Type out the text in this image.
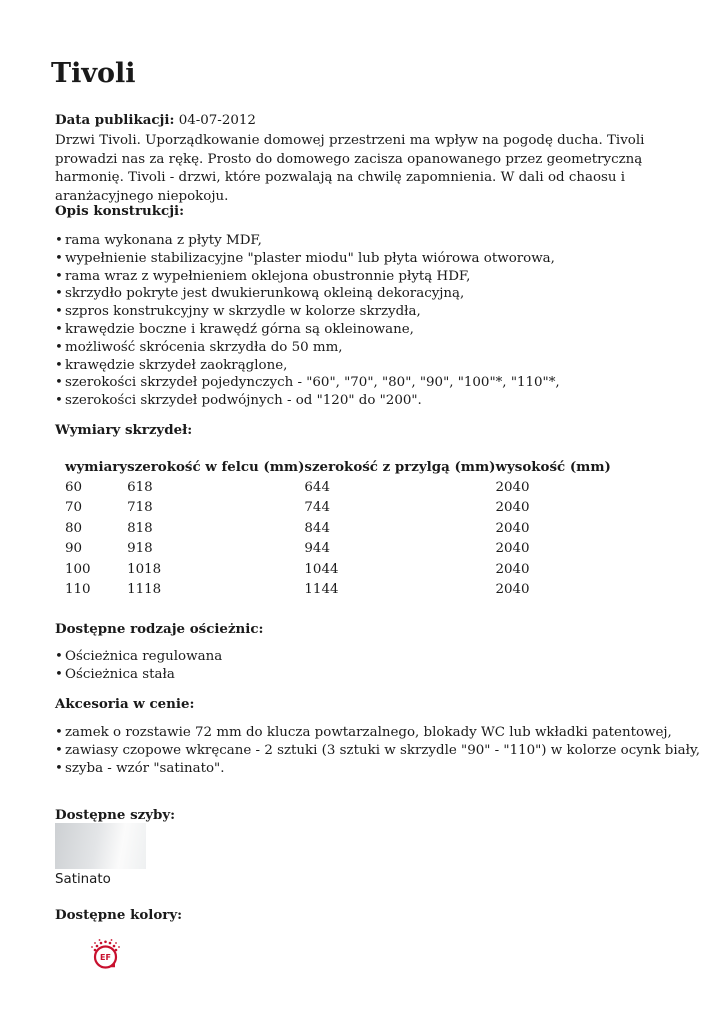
Tivoli
Data publikacji: 04-07-2012
Drzwi Tivoli. Uporządkowanie domowej przestrzeni ma wpływ na pogodę ducha. Tivoli prowadzi nas za rękę. Prosto do domowego zacisza opanowanego przez geometryczną harmonię. Tivoli - drzwi, które pozwalają na chwilę zapomnienia. W dali od chaosu i aranżacyjnego niepokoju.
Opis konstrukcji:
• rama wykonana z płyty MDF,
• wypełnienie stabilizacyjne "plaster miodu" lub płyta wiórowa otworowa,
• rama wraz z wypełnieniem oklejona obustronnie płytą HDF,
• skrzydło pokryte jest dwukierunkową okleiną dekoracyjną,
• szpros konstrukcyjny w skrzydle w kolorze skrzydła,
• krawędzie boczne i krawędź górna są okleinowane,
• możliwość skrócenia skrzydła do 50 mm,
• krawędzie skrzydeł zaokrąglone,
• szerokości skrzydeł pojedynczych - "60", "70", "80", "90", "100"*, "110"*,
• szerokości skrzydeł podwójnych - od "120" do "200".
Wymiary skrzydeł:
wymiary	szerokość w felcu (mm)	szerokość z przylgą (mm)	wysokość (mm)
60	618	644	2040
70	718	744	2040
80	818	844	2040
90	918	944	2040
100	1018	1044	2040
110	1118	1144	2040
Dostępne rodzaje ościeżnic:
• Ościeżnica regulowana
• Ościeżnica stała
Akcesoria w cenie:
• zamek o rozstawie 72 mm do klucza powtarzalnego, blokady WC lub wkładki patentowej,
• zawiasy czopowe wkręcane - 2 sztuki (3 sztuki w skrzydle "90" - "110") w kolorze ocynk biały,
• szyba - wzór "satinato".
Dostępne szyby:
Satinato
Dostępne kolory:
EF
